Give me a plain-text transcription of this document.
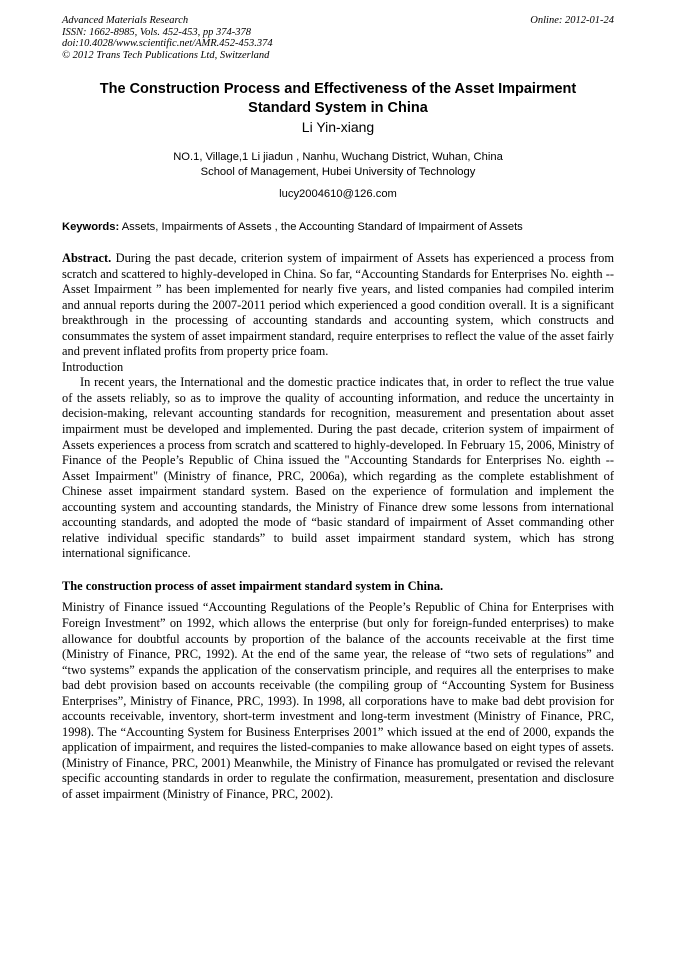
Advanced Materials Research
ISSN: 1662-8985, Vols. 452-453, pp 374-378
doi:10.4028/www.scientific.net/AMR.452-453.374
© 2012 Trans Tech Publications Ltd, Switzerland
Online: 2012-01-24
The Construction Process and Effectiveness of the Asset Impairment
Standard System in China
Li Yin-xiang
NO.1, Village,1 Li jiadun , Nanhu, Wuchang District, Wuhan, China
School of Management, Hubei University of Technology
lucy2004610@126.com
Keywords: Assets, Impairments of Assets , the Accounting Standard of Impairment of Assets
Abstract. During the past decade, criterion system of impairment of Assets has experienced a process from scratch and scattered to highly-developed in China. So far, “Accounting Standards for Enterprises No. eighth -- Asset Impairment ” has been implemented for nearly five years, and listed companies had compiled interim and annual reports during the 2007-2011 period which experienced a good condition overall. It is a significant breakthrough in the processing of accounting standards and accounting system, which constructs and consummates the system of asset impairment standard, require enterprises to reflect the value of the asset fairly and prevent inflated profits from property price foam.
Introduction
In recent years, the International and the domestic practice indicates that, in order to reflect the true value of the assets reliably, so as to improve the quality of accounting information, and reduce the uncertainty in decision-making, relevant accounting standards for recognition, measurement and presentation about asset impairment must be developed and implemented. During the past decade, criterion system of impairment of Assets experiences a process from scratch and scattered to highly-developed. In February 15, 2006, Ministry of Finance of the People’s Republic of China issued the "Accounting Standards for Enterprises No. eighth -- Asset Impairment" (Ministry of finance, PRC, 2006a), which regarding as the complete establishment of Chinese asset impairment standard system. Based on the experience of formulation and implement the accounting system and accounting standards, the Ministry of Finance drew some lessons from international accounting standards, and adopted the mode of “basic standard of impairment of Asset commanding other relative individual specific standards” to build asset impairment standard system, which has strong international significance.
The construction process of asset impairment standard system in China.
Ministry of Finance issued “Accounting Regulations of the People’s Republic of China for Enterprises with Foreign Investment” on 1992, which allows the enterprise (but only for foreign-funded enterprises) to make allowance for doubtful accounts by proportion of the balance of the accounts receivable at the first time (Ministry of Finance, PRC, 1992). At the end of the same year, the release of “two sets of regulations” and “two systems” expands the application of the conservatism principle, and requires all the enterprises to make bad debt provision based on accounts receivable (the compiling group of “Accounting System for Business Enterprises”, Ministry of Finance, PRC, 1993). In 1998, all corporations have to make bad debt provision for accounts receivable, inventory, short-term investment and long-term investment (Ministry of Finance, PRC, 1998). The “Accounting System for Business Enterprises 2001” which issued at the end of 2000, expands the application of impairment, and requires the listed-companies to make allowance based on eight types of assets. (Ministry of Finance, PRC, 2001) Meanwhile, the Ministry of Finance has promulgated or revised the relevant specific accounting standards in order to regulate the confirmation, measurement, presentation and disclosure of asset impairment (Ministry of Finance, PRC, 2002).
